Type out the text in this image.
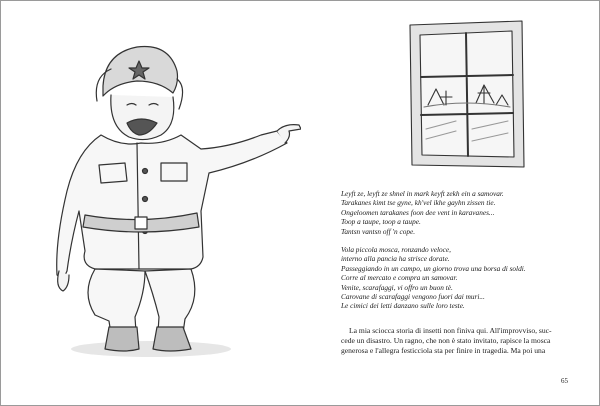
Leyft ze, leyft ze shnel in mark keyft zekh ein a samovar.
Tarakanes kimt tse gyne, kh'vel ikhe gayhn zissen tie.
Ongeloomen tarakanes foon dee vent in karavanes...
Toop a taupe, toop a taupe.
Tantsn vantsn off 'n cope.
Vola piccola mosca, ronzando veloce,
interno alla pancia ha strisce dorate.
Passeggiando in un campo, un giorno trova una borsa di soldi.
Corre al mercato e compra un samovar.
Venite, scarafaggi, vi offro un buon tè.
Carovane di scarafaggi vengono fuori dai muri...
Le cimici dei letti danzano sulle loro teste.
La mia sciocca storia di insetti non finiva qui. All'improvviso, suc-
cede un disastro. Un ragno, che non è stato invitato, rapisce la mosca
generosa e l'allegra festicciola sta per finire in tragedia. Ma poi una
65
